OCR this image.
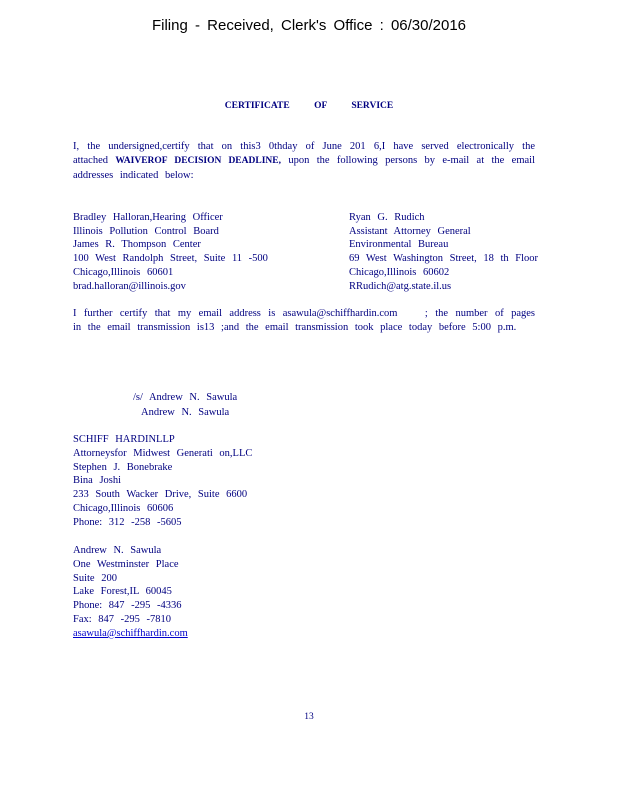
Filing - Received, Clerk's Office : 06/30/2016
CERTIFICATE OF SERVICE
I, the undersigned,certify that on this3 0thday of June 201 6,I have served electronically the attached WAIVEROF DECISION DEADLINE, upon the following persons by e-mail at the email addresses indicated below:
Bradley Halloran,Hearing Officer
Illinois Pollution Control Board
James R. Thompson Center
100 West Randolph Street, Suite 11 -500
Chicago,Illinois 60601
brad.halloran@illinois.gov
Ryan G. Rudich
Assistant Attorney General
Environmental Bureau
69 West Washington Street, 18 th Floor
Chicago,Illinois 60602
RRudich@atg.state.il.us
I further certify that my email address is asawula@schiffhardin.com	; the number of pages in the email transmission is13 ;and the email transmission took place today before 5:00 p.m.
/s/ Andrew N. Sawula
Andrew N. Sawula
SCHIFF HARDINLLP
Attorneysfor Midwest Generati on,LLC
Stephen J. Bonebrake
Bina Joshi
233 South Wacker Drive, Suite 6600
Chicago,Illinois 60606
Phone: 312 -258 -5605
Andrew N. Sawula
One Westminster Place
Suite 200
Lake Forest,IL 60045
Phone: 847 -295 -4336
Fax: 847 -295 -7810
asawula@schiffhardin.com
13
